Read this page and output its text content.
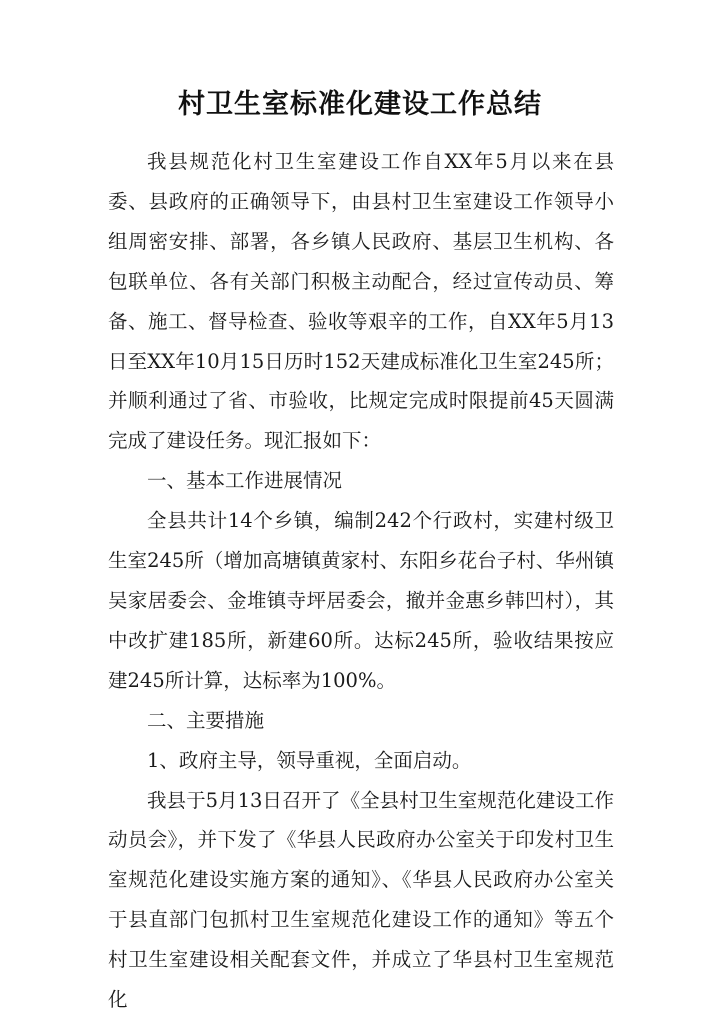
村卫生室标准化建设工作总结

我县规范化村卫生室建设工作自XX年5月以来在县委、县政府的正确领导下，由县村卫生室建设工作领导小组周密安排、部署，各乡镇人民政府、基层卫生机构、各包联单位、各有关部门积极主动配合，经过宣传动员、筹备、施工、督导检查、验收等艰辛的工作，自XX年5月13日至XX年10月15日历时152天建成标准化卫生室245所；并顺利通过了省、市验收，比规定完成时限提前45天圆满完成了建设任务。现汇报如下：

一、基本工作进展情况

全县共计14个乡镇，编制242个行政村，实建村级卫生室245所（增加高塘镇黄家村、东阳乡花台子村、华州镇吴家居委会、金堆镇寺坪居委会，撤并金惠乡韩凹村），其中改扩建185所，新建60所。达标245所，验收结果按应建245所计算，达标率为100%。

二、主要措施

1、政府主导，领导重视，全面启动。

我县于5月13日召开了《全县村卫生室规范化建设工作动员会》，并下发了《华县人民政府办公室关于印发村卫生室规范化建设实施方案的通知》、《华县人民政府办公室关于县直部门包抓村卫生室规范化建设工作的通知》等五个村卫生室建设相关配套文件，并成立了华县村卫生室规范化
